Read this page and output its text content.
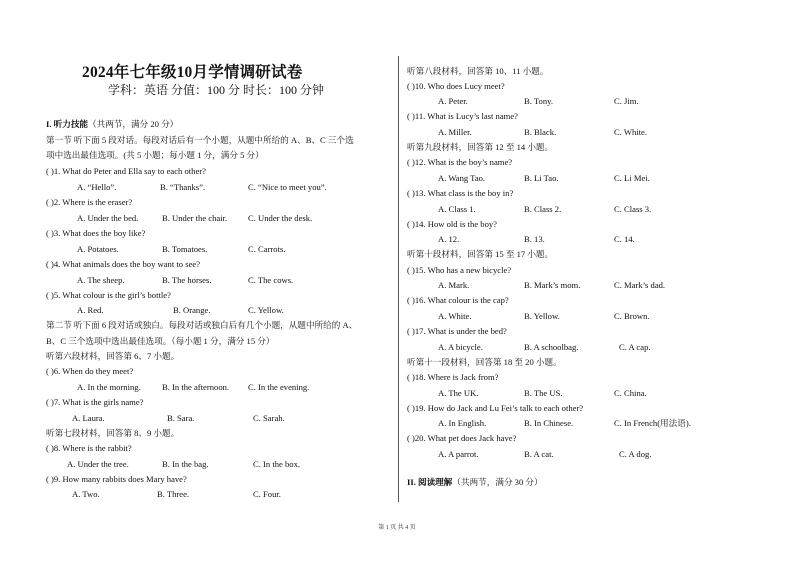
2024年七年级10月学情调研试卷
学科：英语 分值：100 分 时长：100 分钟
I. 听力技能（共两节，满分 20 分）
第一节 听下面 5 段对话。每段对话后有一个小题，从题中所给的 A、B、C 三个选
项中选出最佳选项。(共 5 小题；每小题 1 分，满分 5 分）
( )1. What do Peter and Ella say to each other?
A. “Hello”.	B. “Thanks”.	C. “Nice to meet you”.
( )2. Where is the eraser?
A. Under the bed.	B. Under the chair. C. Under the desk.
( )3. What does the boy like?
A. Potatoes.	B. Tomatoes.	C. Carrots.
( )4. What animals does the boy want to see?
A. The sheep.	B. The horses.	C. The cows.
( )5. What colour is the girl’s bottle?
A. Red.	B. Orange.	C. Yellow.
第二节 听下面 6 段对话或独白。每段对话或独白后有几个小题，从题中所给的 A、
B、C 三个选项中选出最佳选项。（每小题 1 分，满分 15 分）
听第六段材料，回答第 6、7 小题。
( )6. When do they meet?
A. In the morning. B. In the afternoon. C. In the evening.
( )7. What is the girls name?
A. Laura.	B. Sara.	C. Sarah.
听第七段材料，回答第 8、9 小题。
( )8. Where is the rabbit?
A. Under the tree.	B. In the bag.	C. In the box.
( )9. How many rabbits does Mary have?
A. Two.	B. Three.	C. Four.
听第八段材料，回答第 10、11 小题。
( )10. Who does Lucy meet?
A. Peter.	B. Tony.	C. Jim.
( )11. What is Lucy’s last name?
A. Miller.	B. Black.	C. White.
听第九段材料，回答第 12 至 14 小题。
( )12. What is the boy’s name?
A. Wang Tao.	B. Li Tao.	C. Li Mei.
( )13. What class is the boy in?
A. Class 1.	B. Class 2.	C. Class 3.
( )14. How old is the boy?
A. 12.	B. 13.	C. 14.
听第十段材料，回答第 15 至 17 小题。
( )15. Who has a new bicycle?
A. Mark.	B. Mark’s mom.	C. Mark’s dad.
( )16. What colour is the cap?
A. White.	B. Yellow.	C. Brown.
( )17. What is under the bed?
A. A bicycle.	B. A schoolbag.	C. A cap.
听第十一段材料，回答第 18 至 20 小题。
( )18. Where is Jack from?
A. The UK.	B. The US.	C. China.
( )19. How do Jack and Lu Fei’s talk to each other?
A. In English.	B. In Chinese.	C. In French(用法语).
( )20. What pet does Jack have?
A. A parrot.	B. A cat.	C. A dog.
II. 阅读理解（共两节，满分 30 分）
第 1 页 共 4 页
